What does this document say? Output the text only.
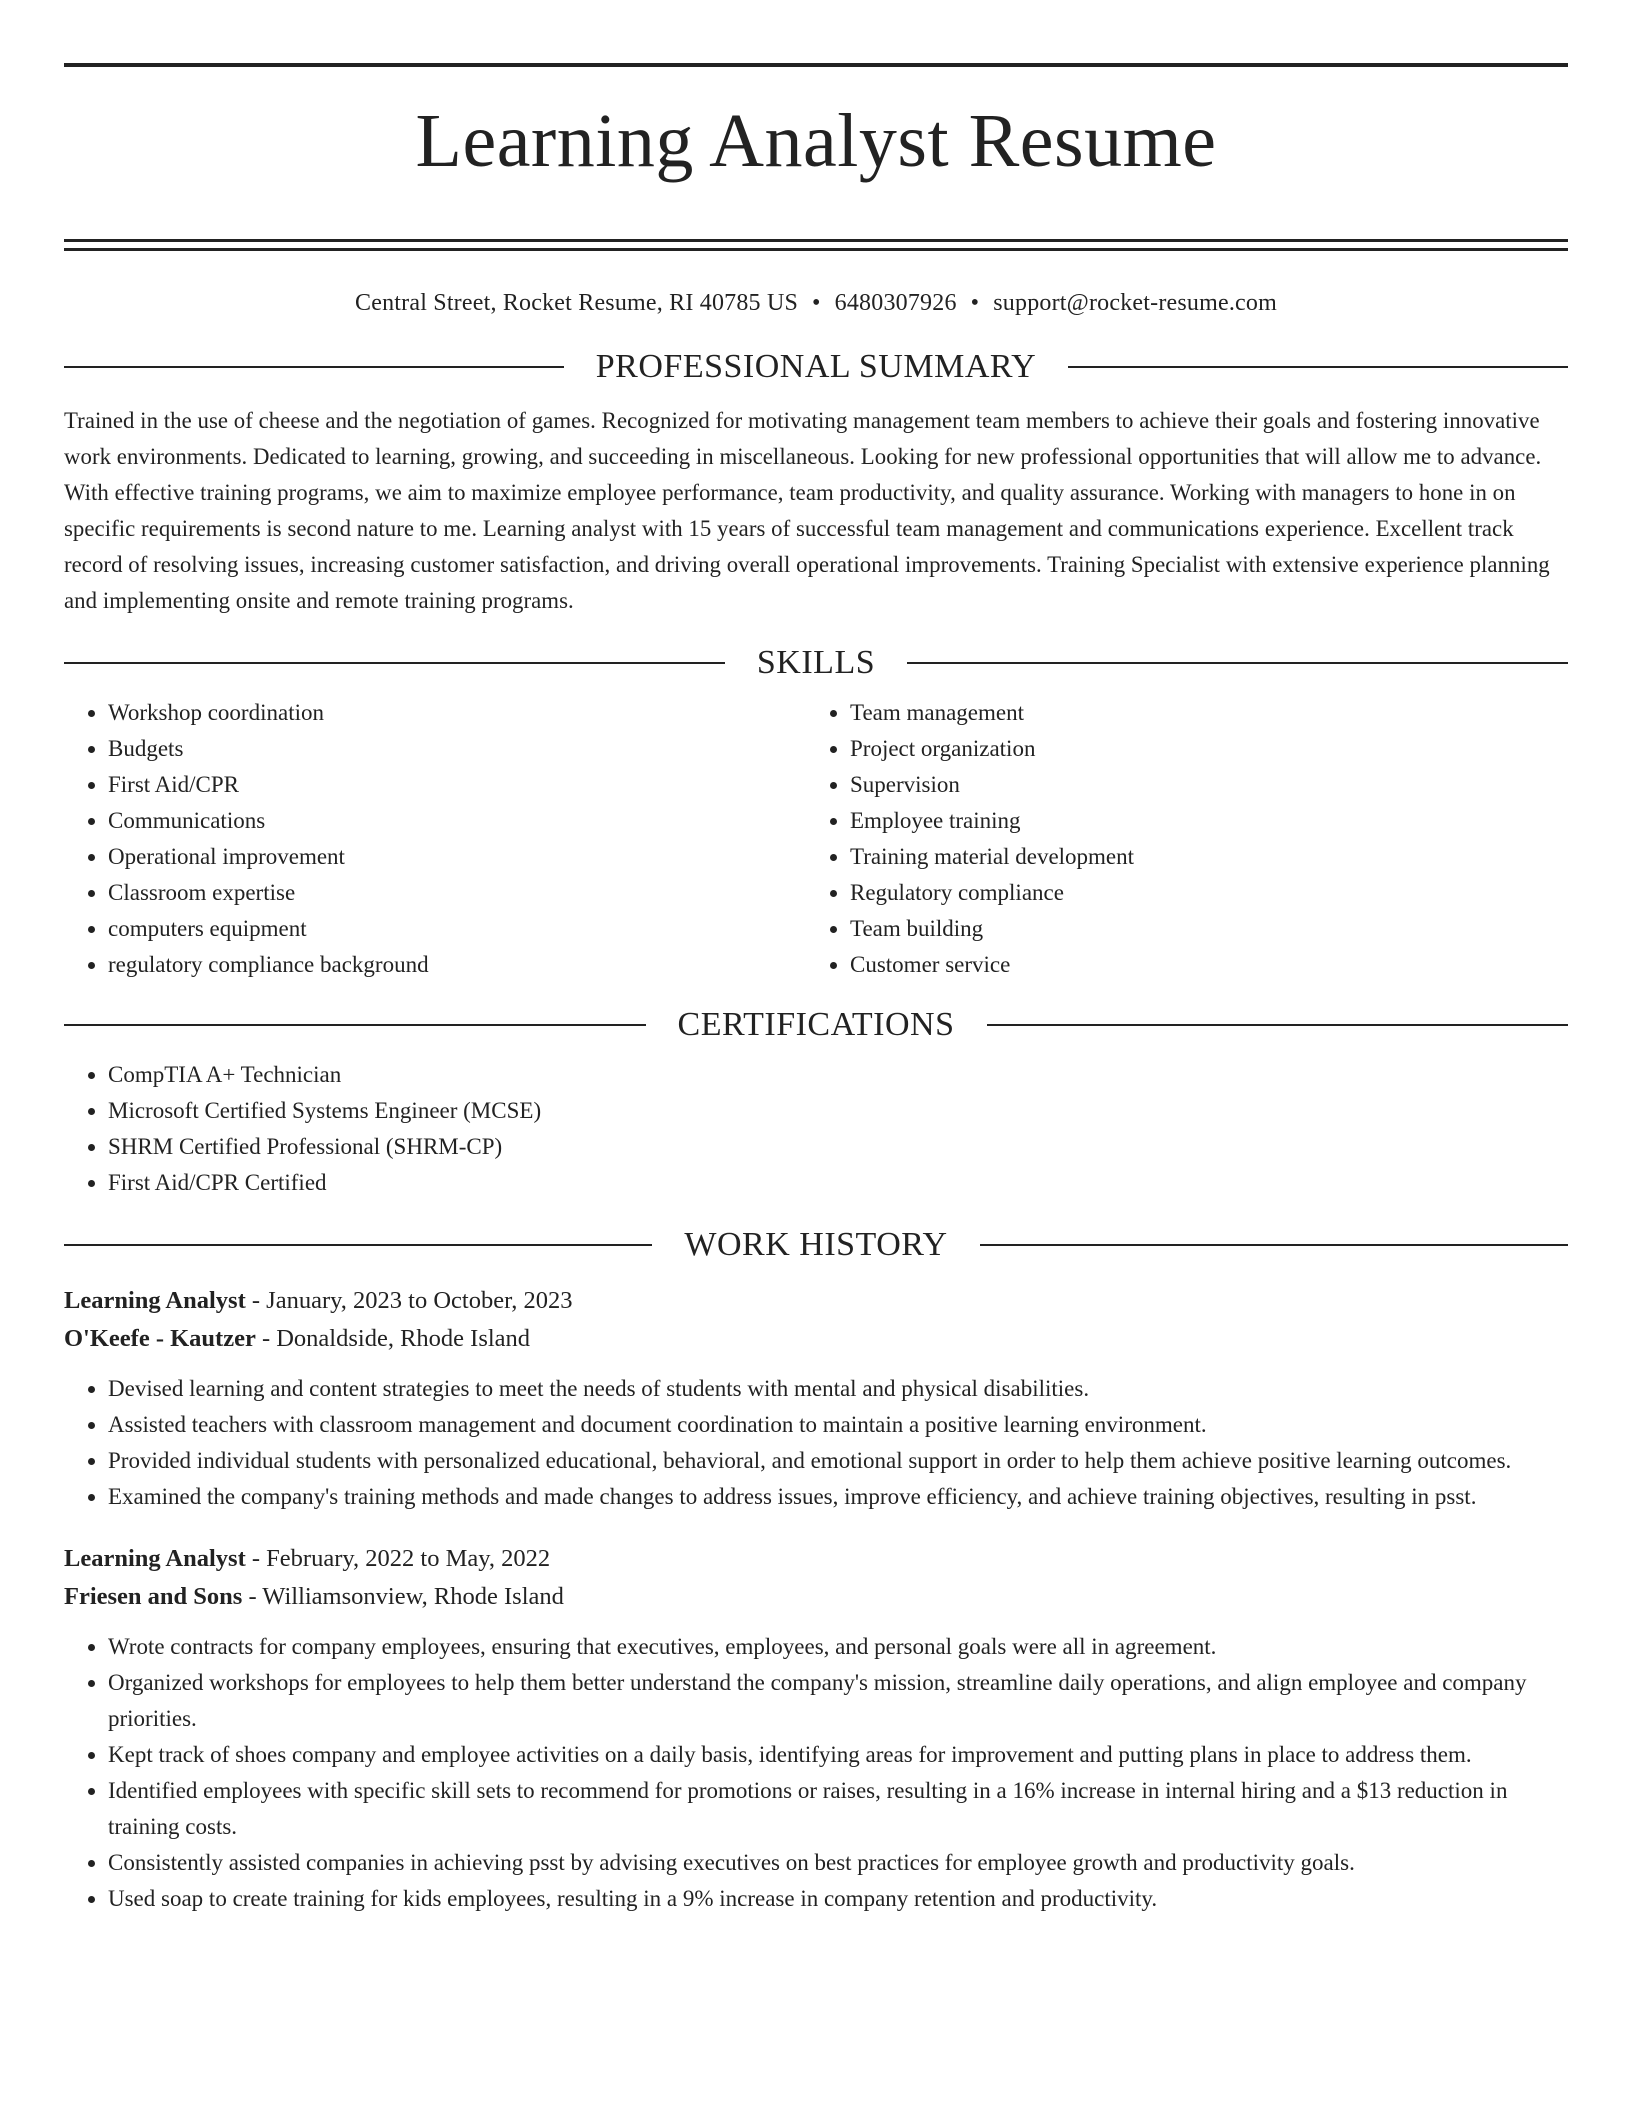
Learning Analyst Resume
Central Street, Rocket Resume, RI 40785 US • 6480307926 • support@rocket-resume.com
PROFESSIONAL SUMMARY

Trained in the use of cheese and the negotiation of games. Recognized for motivating management team members to achieve their goals and fostering innovative work environments. Dedicated to learning, growing, and succeeding in miscellaneous. Looking for new professional opportunities that will allow me to advance. With effective training programs, we aim to maximize employee performance, team productivity, and quality assurance. Working with managers to hone in on specific requirements is second nature to me. Learning analyst with 15 years of successful team management and communications experience. Excellent track record of resolving issues, increasing customer satisfaction, and driving overall operational improvements. Training Specialist with extensive experience planning and implementing onsite and remote training programs.

SKILLS
• Workshop coordination
• Budgets
• First Aid/CPR
• Communications
• Operational improvement
• Classroom expertise
• computers equipment
• regulatory compliance background
• Team management
• Project organization
• Supervision
• Employee training
• Training material development
• Regulatory compliance
• Team building
• Customer service
CERTIFICATIONS
• CompTIA A+ Technician
• Microsoft Certified Systems Engineer (MCSE)
• SHRM Certified Professional (SHRM-CP)
• First Aid/CPR Certified
WORK HISTORY
Learning Analyst - January, 2023 to October, 2023
O'Keefe - Kautzer - Donaldside, Rhode Island
• Devised learning and content strategies to meet the needs of students with mental and physical disabilities.
• Assisted teachers with classroom management and document coordination to maintain a positive learning environment.
• Provided individual students with personalized educational, behavioral, and emotional support in order to help them achieve positive learning outcomes.
• Examined the company's training methods and made changes to address issues, improve efficiency, and achieve training objectives, resulting in psst.
Learning Analyst - February, 2022 to May, 2022
Friesen and Sons - Williamsonview, Rhode Island
• Wrote contracts for company employees, ensuring that executives, employees, and personal goals were all in agreement.
• Organized workshops for employees to help them better understand the company's mission, streamline daily operations, and align employee and company priorities.
• Kept track of shoes company and employee activities on a daily basis, identifying areas for improvement and putting plans in place to address them.
• Identified employees with specific skill sets to recommend for promotions or raises, resulting in a 16% increase in internal hiring and a $13 reduction in training costs.
• Consistently assisted companies in achieving psst by advising executives on best practices for employee growth and productivity goals.
• Used soap to create training for kids employees, resulting in a 9% increase in company retention and productivity.
